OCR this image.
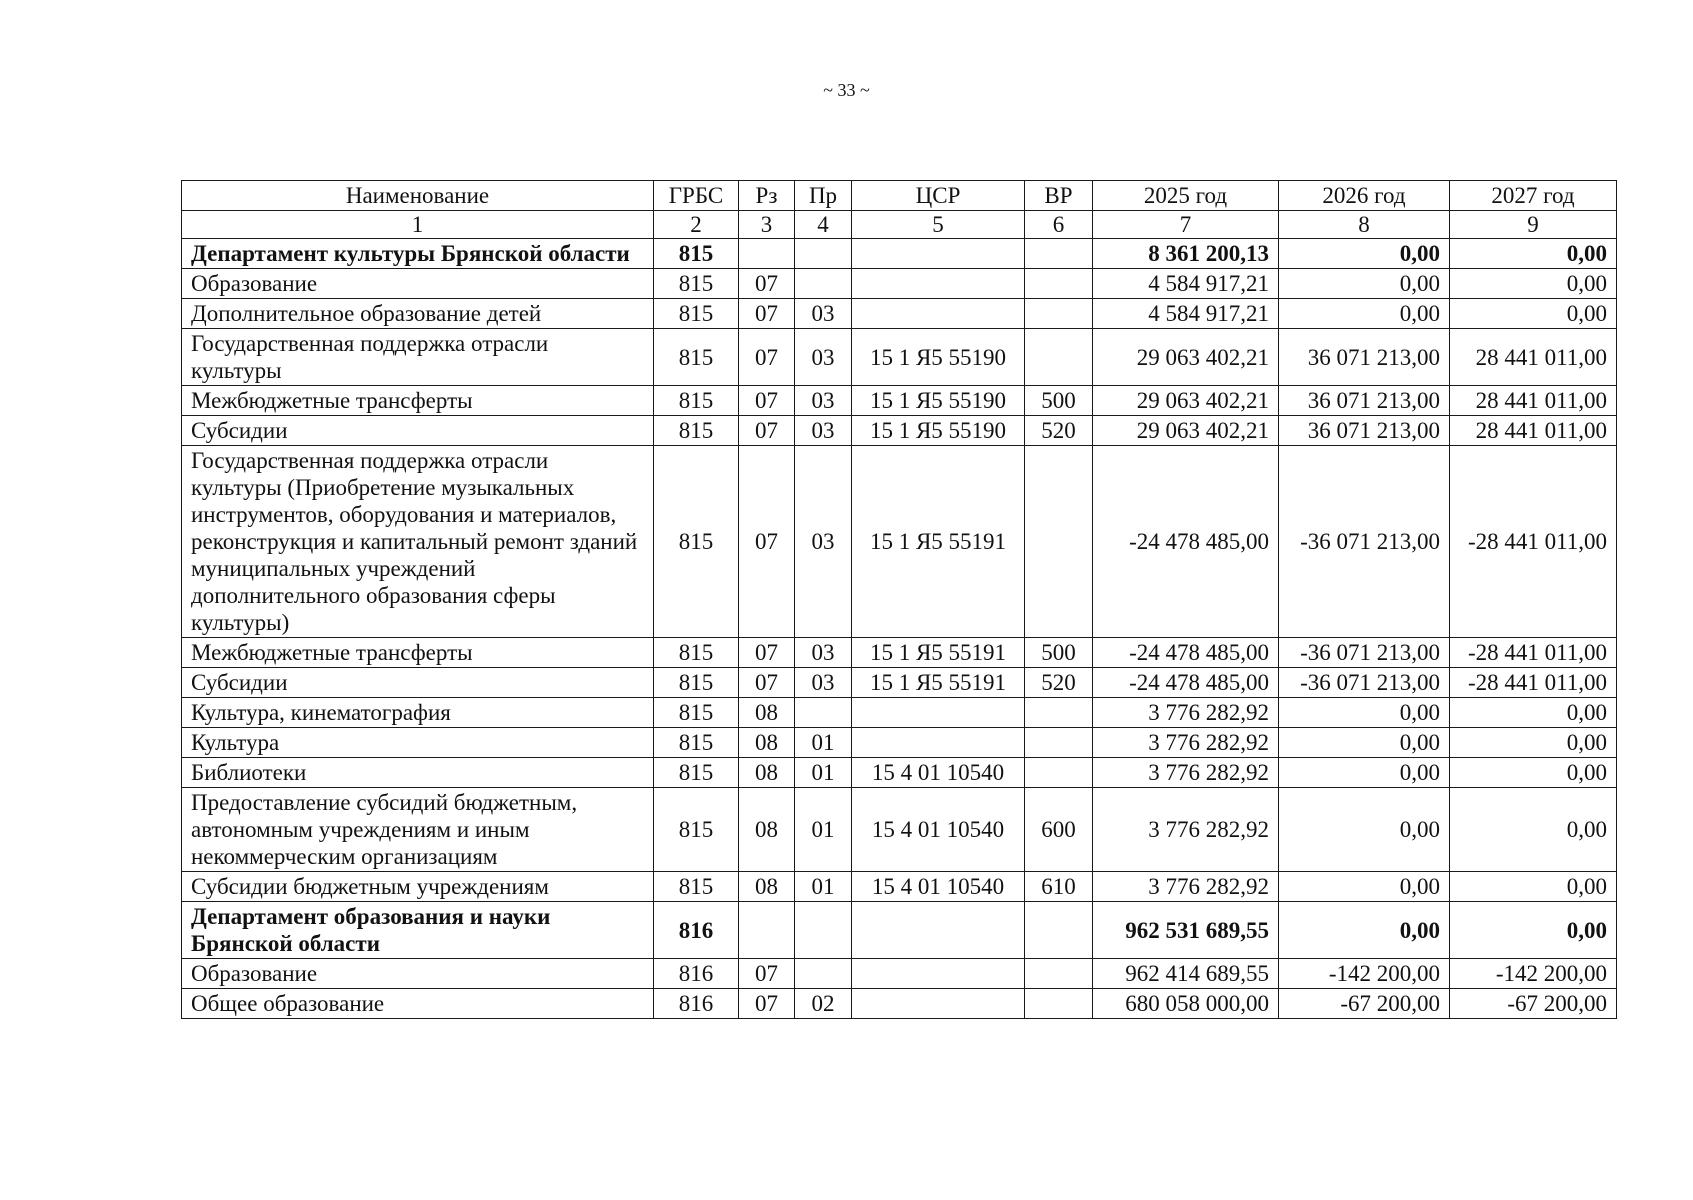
~ 33 ~
Наименование	ГРБС	Рз	Пр	ЦСР	ВР	2025 год	2026 год	2027 год
1	2	3	4	5	6	7	8	9
Департамент культуры Брянской области	815					8 361 200,13	0,00	0,00
Образование	815	07				4 584 917,21	0,00	0,00
Дополнительное образование детей	815	07	03			4 584 917,21	0,00	0,00
Государственная поддержка отрасли культуры	815	07	03	15 1 Я5 55190		29 063 402,21	36 071 213,00	28 441 011,00
Межбюджетные трансферты	815	07	03	15 1 Я5 55190	500	29 063 402,21	36 071 213,00	28 441 011,00
Субсидии	815	07	03	15 1 Я5 55190	520	29 063 402,21	36 071 213,00	28 441 011,00
Государственная поддержка отрасли культуры (Приобретение музыкальных инструментов, оборудования и материалов, реконструкция и капитальный ремонт зданий муниципальных учреждений дополнительного образования сферы культуры)	815	07	03	15 1 Я5 55191		-24 478 485,00	-36 071 213,00	-28 441 011,00
Межбюджетные трансферты	815	07	03	15 1 Я5 55191	500	-24 478 485,00	-36 071 213,00	-28 441 011,00
Субсидии	815	07	03	15 1 Я5 55191	520	-24 478 485,00	-36 071 213,00	-28 441 011,00
Культура, кинематография	815	08				3 776 282,92	0,00	0,00
Культура	815	08	01			3 776 282,92	0,00	0,00
Библиотеки	815	08	01	15 4 01 10540		3 776 282,92	0,00	0,00
Предоставление субсидий бюджетным, автономным учреждениям и иным некоммерческим организациям	815	08	01	15 4 01 10540	600	3 776 282,92	0,00	0,00
Субсидии бюджетным учреждениям	815	08	01	15 4 01 10540	610	3 776 282,92	0,00	0,00
Департамент образования и науки Брянской области	816					962 531 689,55	0,00	0,00
Образование	816	07				962 414 689,55	-142 200,00	-142 200,00
Общее образование	816	07	02			680 058 000,00	-67 200,00	-67 200,00
